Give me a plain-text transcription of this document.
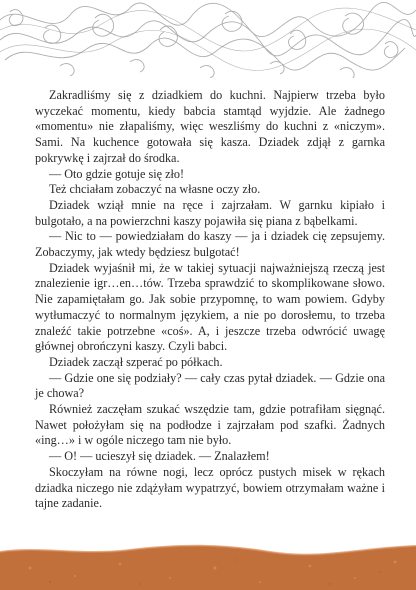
Zakradliśmy się z dziadkiem do kuchni. Najpierw trzeba było wyczekać momentu, kiedy babcia stamtąd wyjdzie. Ale żadnego «momentu» nie złapaliśmy, więc weszliśmy do kuchni z «niczym». Sami. Na kuchence gotowała się kasza. Dziadek zdjął z garnka pokrywkę i zajrzał do środka.

— Oto gdzie gotuje się zło!

Też chciałam zobaczyć na własne oczy zło.

Dziadek wziął mnie na ręce i zajrzałam. W garnku kipiało i bulgotało, a na powierzchni kaszy pojawiła się piana z bąbelkami.

— Nic to — powiedziałam do kaszy — ja i dziadek cię zepsujemy. Zobaczymy, jak wtedy będziesz bulgotać!

Dziadek wyjaśnił mi, że w takiej sytuacji najważniejszą rzeczą jest znalezienie igr…en…tów. Trzeba sprawdzić to skomplikowane słowo. Nie zapamiętałam go. Jak sobie przypomnę, to wam powiem. Gdyby wytłumaczyć to normalnym językiem, a nie po dorosłemu, to trzeba znaleźć takie potrzebne «coś». A, i jeszcze trzeba odwrócić uwagę głównej obrończyni kaszy. Czyli babci.

Dziadek zaczął szperać po półkach.

— Gdzie one się podziały? — cały czas pytał dziadek. — Gdzie ona je chowa?

Również zaczęłam szukać wszędzie tam, gdzie potrafiłam sięgnąć. Nawet położyłam się na podłodze i zajrzałam pod szafki. Żadnych «ing…» i w ogóle niczego tam nie było.

— O! — ucieszył się dziadek. — Znalazłem!

Skoczyłam na równe nogi, lecz oprócz pustych misek w rękach dziadka niczego nie zdążyłam wypatrzyć, bowiem otrzymałam ważne i tajne zadanie.
